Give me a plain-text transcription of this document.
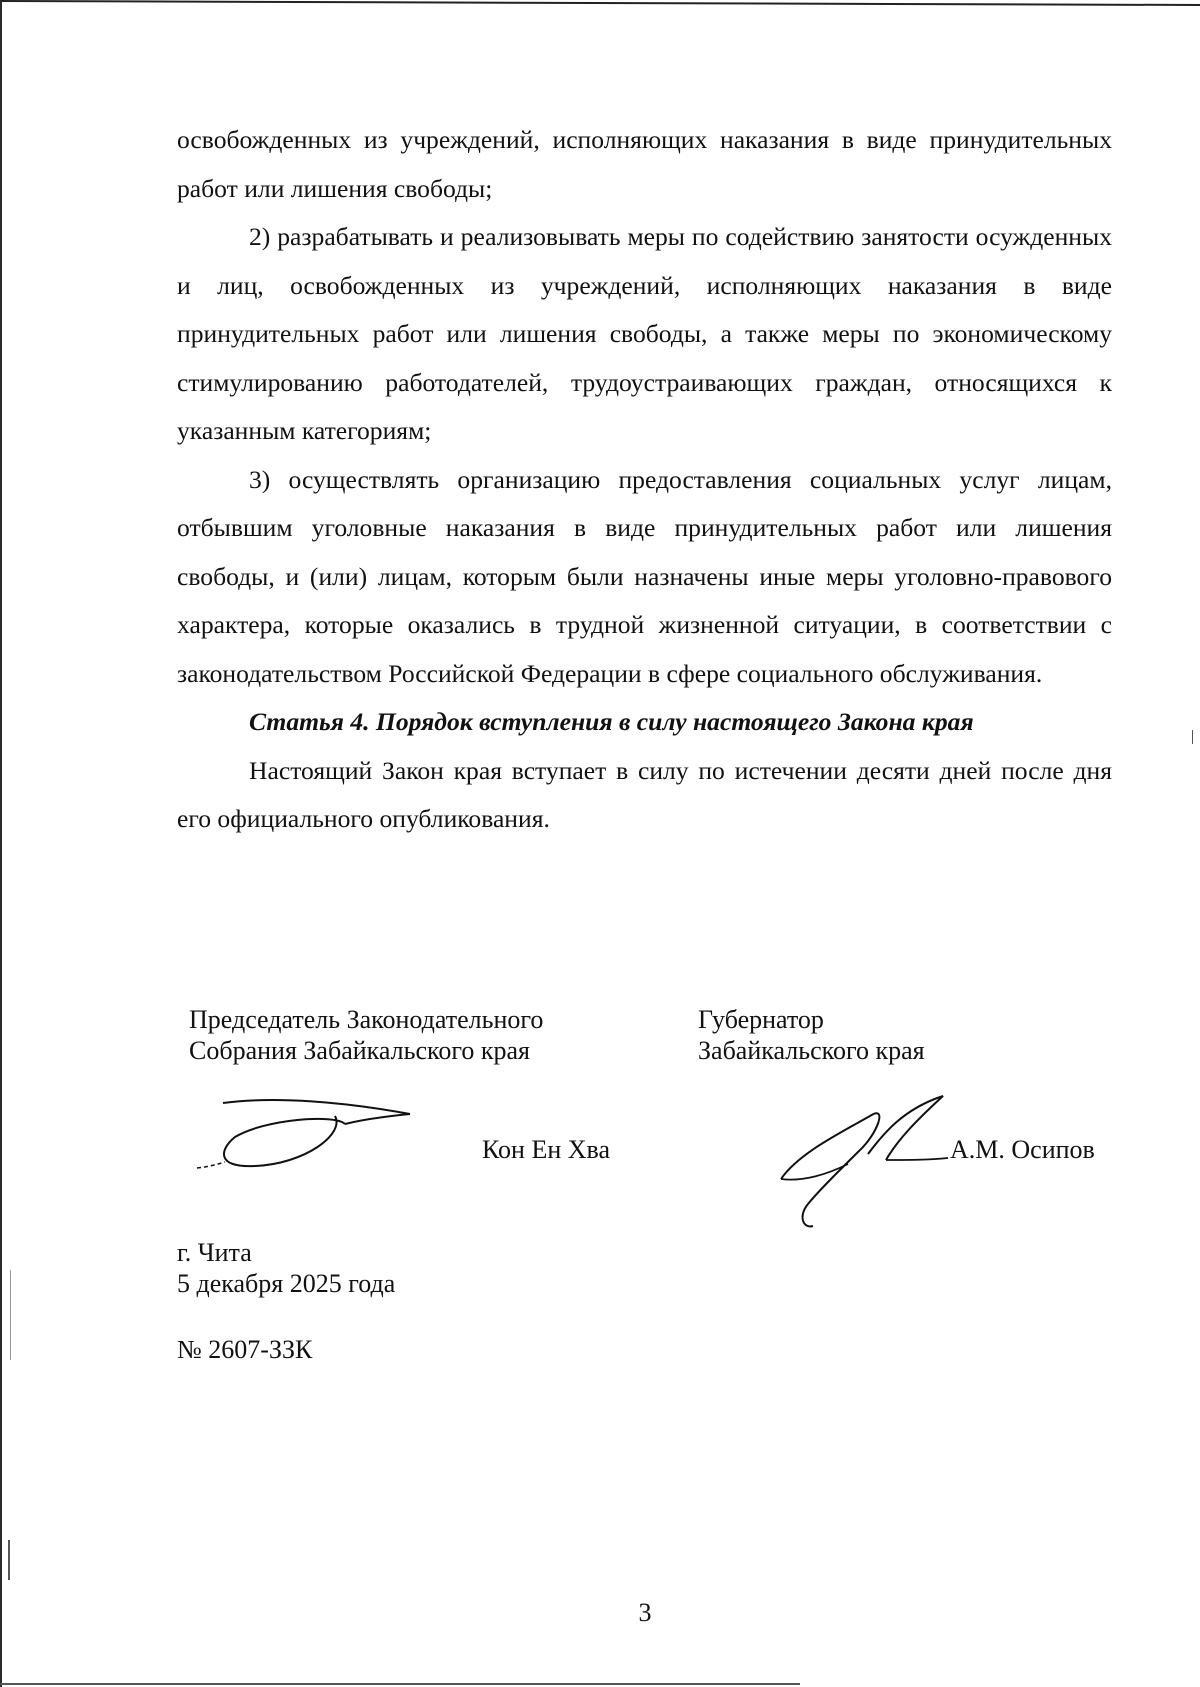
освобожденных из учреждений, исполняющих наказания в виде принудительных работ или лишения свободы;

2) разрабатывать и реализовывать меры по содействию занятости осужденных и лиц, освобожденных из учреждений, исполняющих наказания в виде принудительных работ или лишения свободы, а также меры по экономическому стимулированию работодателей, трудоустраивающих граждан, относящихся к указанным категориям;

3) осуществлять организацию предоставления социальных услуг лицам, отбывшим уголовные наказания в виде принудительных работ или лишения свободы, и (или) лицам, которым были назначены иные меры уголовно-правового характера, которые оказались в трудной жизненной ситуации, в соответствии с законодательством Российской Федерации в сфере социального обслуживания.

Статья 4. Порядок вступления в силу настоящего Закона края

Настоящий Закон края вступает в силу по истечении десяти дней после дня его официального опубликования.

Председатель Законодательного
Собрания Забайкальского края
Губернатор
Забайкальского края
Кон Ен Хва	А.М. Осипов
г. Чита
5 декабря 2025 года
№ 2607-ЗЗК
3
